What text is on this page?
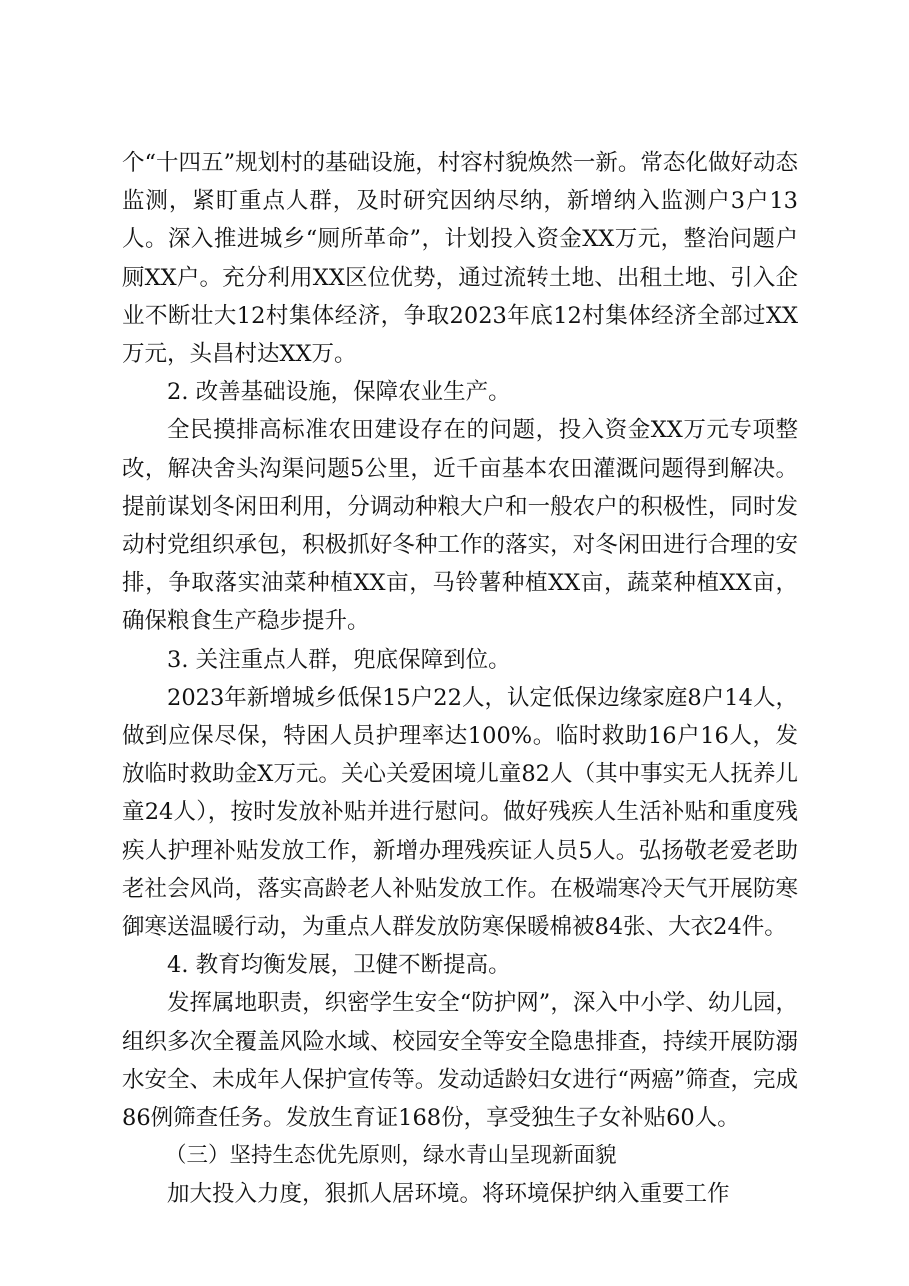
个“十四五”规划村的基础设施，村容村貌焕然一新。常态化做好动态监测，紧盯重点人群，及时研究因纳尽纳，新增纳入监测户3户13人。深入推进城乡“厕所革命”，计划投入资金XX万元，整治问题户厕XX户。充分利用XX区位优势，通过流转土地、出租土地、引入企业不断壮大12村集体经济，争取2023年底12村集体经济全部过XX万元，头昌村达XX万。

2. 改善基础设施，保障农业生产。

全民摸排高标准农田建设存在的问题，投入资金XX万元专项整改，解决舍头沟渠问题5公里，近千亩基本农田灌溉问题得到解决。提前谋划冬闲田利用，分调动种粮大户和一般农户的积极性，同时发动村党组织承包，积极抓好冬种工作的落实，对冬闲田进行合理的安排，争取落实油菜种植XX亩，马铃薯种植XX亩，蔬菜种植XX亩，确保粮食生产稳步提升。

3. 关注重点人群，兜底保障到位。

2023年新增城乡低保15户22人，认定低保边缘家庭8户14人，做到应保尽保，特困人员护理率达100%。临时救助16户16人，发放临时救助金X万元。关心关爱困境儿童82人（其中事实无人抚养儿童24人），按时发放补贴并进行慰问。做好残疾人生活补贴和重度残疾人护理补贴发放工作，新增办理残疾证人员5人。弘扬敬老爱老助老社会风尚，落实高龄老人补贴发放工作。在极端寒冷天气开展防寒御寒送温暖行动，为重点人群发放防寒保暖棉被84张、大衣24件。

4. 教育均衡发展，卫健不断提高。

发挥属地职责，织密学生安全“防护网”，深入中小学、幼儿园，组织多次全覆盖风险水域、校园安全等安全隐患排查，持续开展防溺水安全、未成年人保护宣传等。发动适龄妇女进行“两癌”筛查，完成86例筛查任务。发放生育证168份，享受独生子女补贴60人。

（三）坚持生态优先原则，绿水青山呈现新面貌

加大投入力度，狠抓人居环境。将环境保护纳入重要工作
